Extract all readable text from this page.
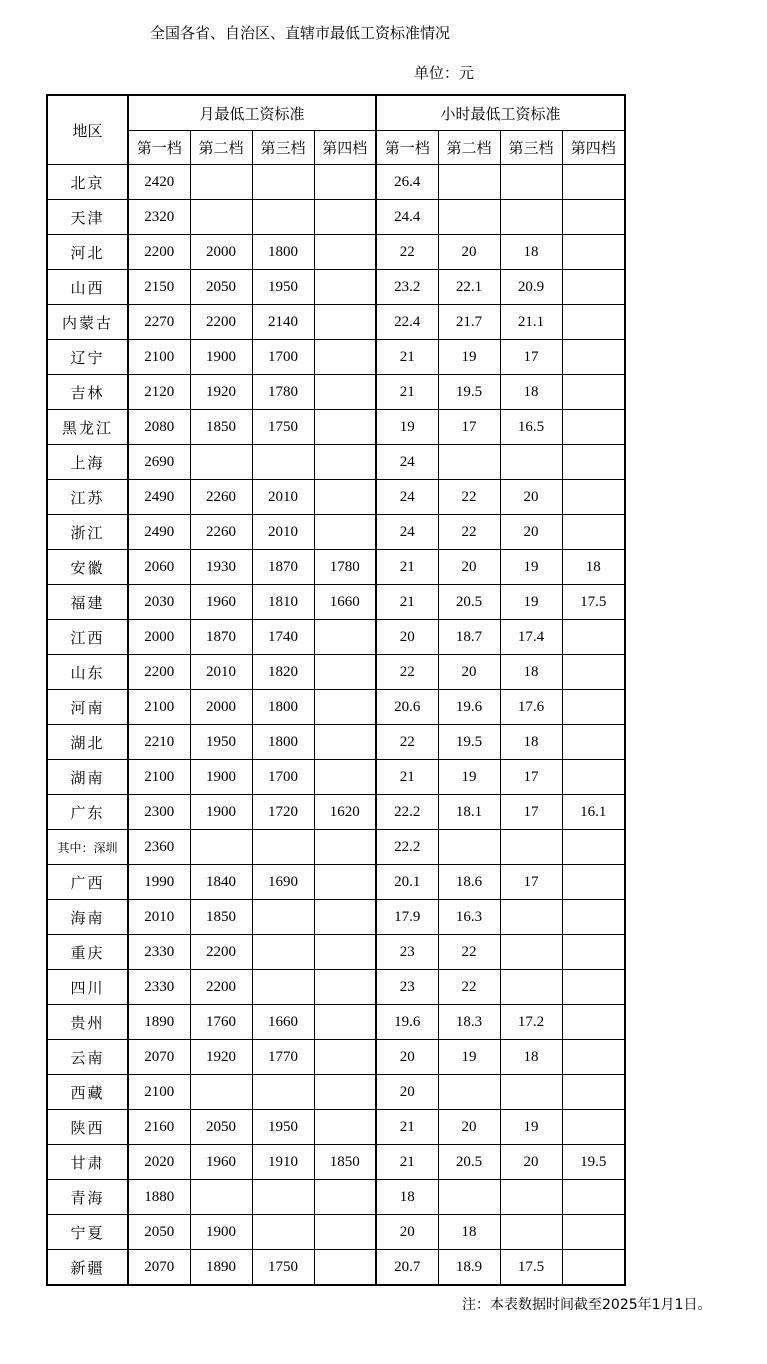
全国各省、自治区、直辖市最低工资标准情况
单位：元
地区	月最低工资标准				小时最低工资标准			
	第一档	第二档	第三档	第四档	第一档	第二档	第三档	第四档
北京	2420				26.4			
天津	2320				24.4			
河北	2200	2000	1800		22	20	18	
山西	2150	2050	1950		23.2	22.1	20.9	
内蒙古	2270	2200	2140		22.4	21.7	21.1	
辽宁	2100	1900	1700		21	19	17	
吉林	2120	1920	1780		21	19.5	18	
黑龙江	2080	1850	1750		19	17	16.5	
上海	2690				24			
江苏	2490	2260	2010		24	22	20	
浙江	2490	2260	2010		24	22	20	
安徽	2060	1930	1870	1780	21	20	19	18
福建	2030	1960	1810	1660	21	20.5	19	17.5
江西	2000	1870	1740		20	18.7	17.4	
山东	2200	2010	1820		22	20	18	
河南	2100	2000	1800		20.6	19.6	17.6	
湖北	2210	1950	1800		22	19.5	18	
湖南	2100	1900	1700		21	19	17	
广东	2300	1900	1720	1620	22.2	18.1	17	16.1
其中：深圳	2360				22.2			
广西	1990	1840	1690		20.1	18.6	17	
海南	2010	1850			17.9	16.3		
重庆	2330	2200			23	22		
四川	2330	2200			23	22		
贵州	1890	1760	1660		19.6	18.3	17.2	
云南	2070	1920	1770		20	19	18	
西藏	2100				20			
陕西	2160	2050	1950		21	20	19	
甘肃	2020	1960	1910	1850	21	20.5	20	19.5
青海	1880				18			
宁夏	2050	1900			20	18		
新疆	2070	1890	1750		20.7	18.9	17.5	
注：本表数据时间截至2025年1月1日。
